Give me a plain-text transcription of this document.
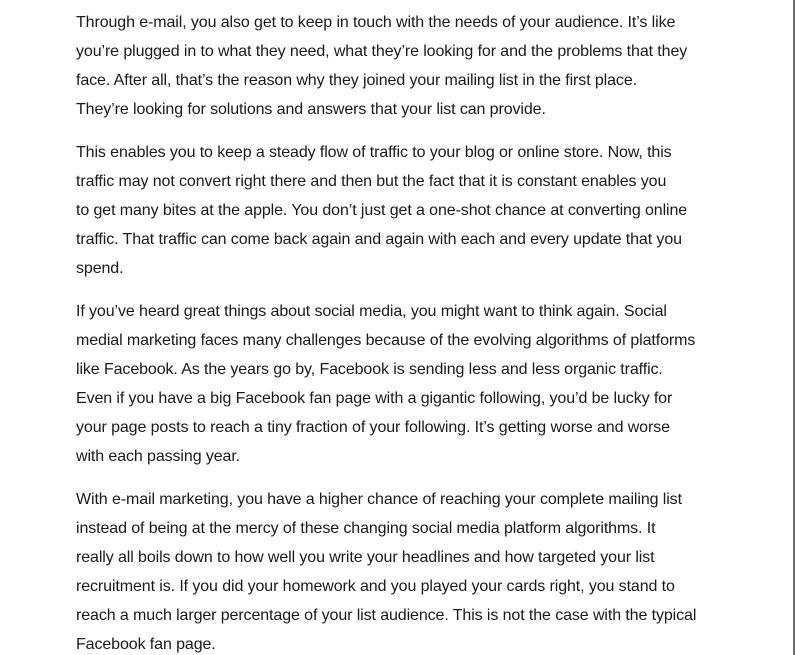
Through e-mail, you also get to keep in touch with the needs of your audience. It’s like
you’re plugged in to what they need, what they’re looking for and the problems that they
face. After all, that’s the reason why they joined your mailing list in the first place.
They’re looking for solutions and answers that your list can provide.

This enables you to keep a steady flow of traffic to your blog or online store. Now, this
traffic may not convert right there and then but the fact that it is constant enables you
to get many bites at the apple. You don’t just get a one-shot chance at converting online
traffic. That traffic can come back again and again with each and every update that you
spend.

If you’ve heard great things about social media, you might want to think again. Social
medial marketing faces many challenges because of the evolving algorithms of platforms
like Facebook. As the years go by, Facebook is sending less and less organic traffic.
Even if you have a big Facebook fan page with a gigantic following, you’d be lucky for
your page posts to reach a tiny fraction of your following. It’s getting worse and worse
with each passing year.

With e-mail marketing, you have a higher chance of reaching your complete mailing list
instead of being at the mercy of these changing social media platform algorithms. It
really all boils down to how well you write your headlines and how targeted your list
recruitment is. If you did your homework and you played your cards right, you stand to
reach a much larger percentage of your list audience. This is not the case with the typical
Facebook fan page.
